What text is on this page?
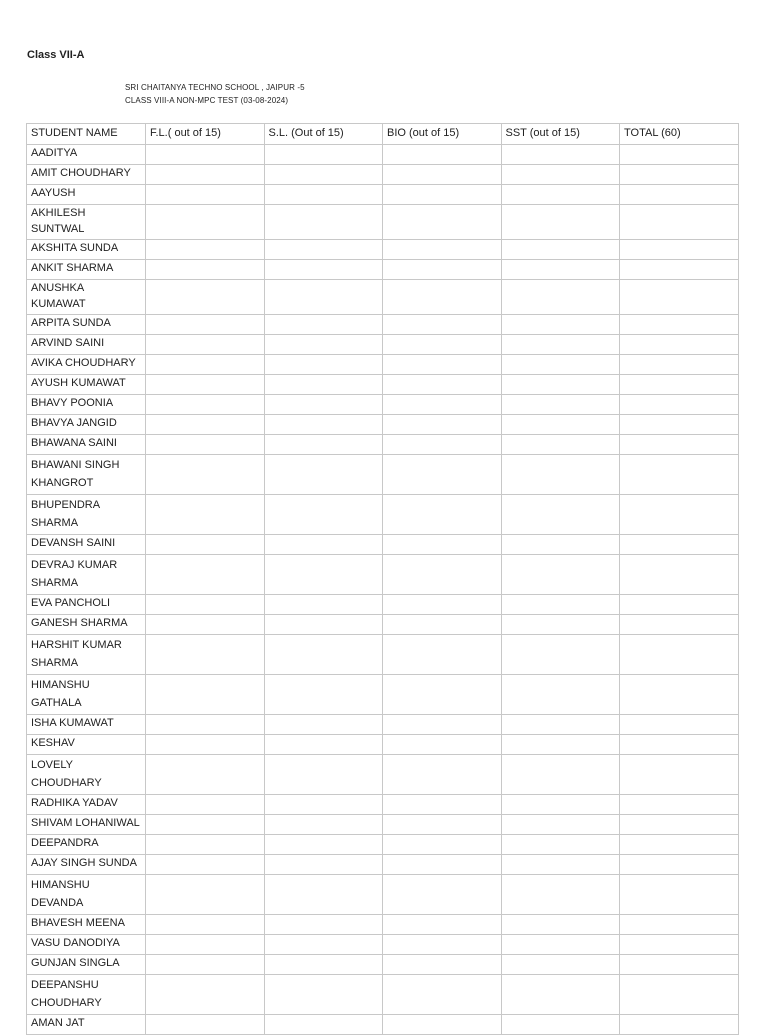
Class VII-A
SRI CHAITANYA TECHNO SCHOOL , JAIPUR -5
CLASS VIII-A NON-MPC TEST (03-08-2024)
STUDENT NAME	F.L.( out of 15)	S.L. (Out of 15)	BIO (out of 15)	SST (out of 15)	TOTAL (60)
AADITYA					
AMIT CHOUDHARY					
AAYUSH					
AKHILESH SUNTWAL					
AKSHITA SUNDA					
ANKIT SHARMA					
ANUSHKA KUMAWAT					
ARPITA SUNDA					
ARVIND SAINI					
AVIKA CHOUDHARY					
AYUSH KUMAWAT					
BHAVY POONIA					
BHAVYA JANGID					
BHAWANA SAINI					
BHAWANI SINGH KHANGROT					
BHUPENDRA SHARMA					
DEVANSH SAINI					
DEVRAJ KUMAR SHARMA					
EVA PANCHOLI					
GANESH SHARMA					
HARSHIT KUMAR SHARMA					
HIMANSHU GATHALA					
ISHA KUMAWAT					
KESHAV					
LOVELY CHOUDHARY					
RADHIKA YADAV					
SHIVAM LOHANIWAL					
DEEPANDRA					
AJAY SINGH SUNDA					
HIMANSHU DEVANDA					
BHAVESH MEENA					
VASU DANODIYA					
GUNJAN SINGLA					
DEEPANSHU CHOUDHARY					
AMAN JAT					
